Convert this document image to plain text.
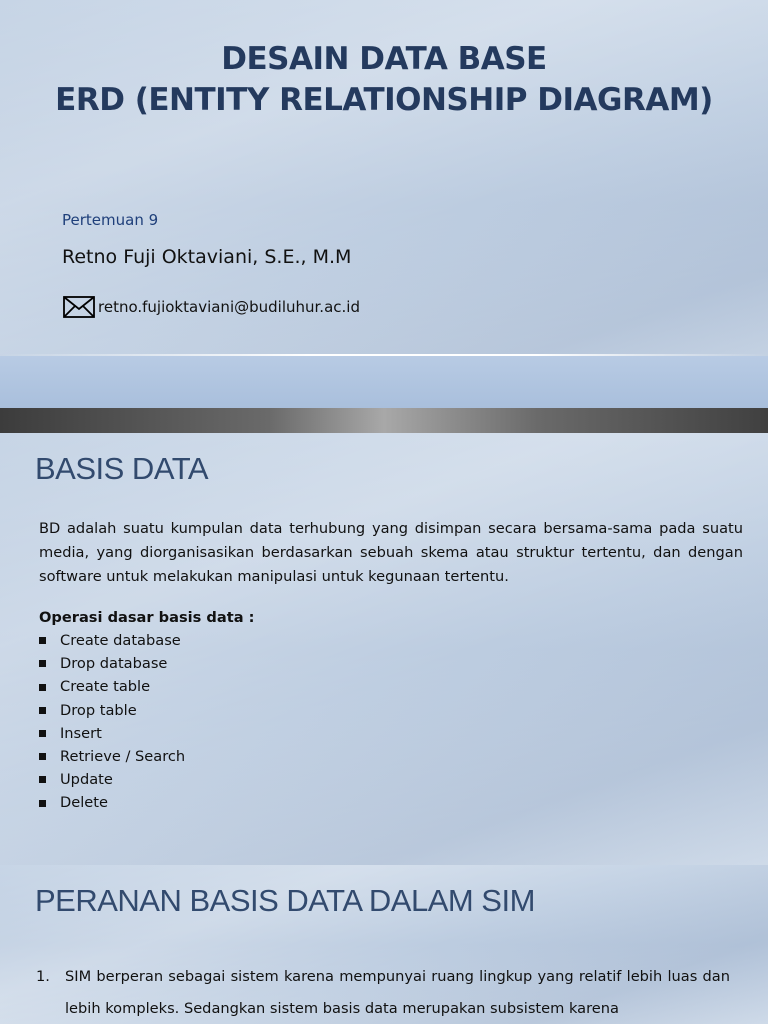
DESAIN DATA BASE
ERD (ENTITY RELATIONSHIP DIAGRAM)
Pertemuan 9
Retno Fuji Oktaviani, S.E., M.M
retno.fujioktaviani@budiluhur.ac.id
BASIS DATA
BD adalah suatu kumpulan data terhubung yang disimpan secara bersama-sama pada suatu media, yang diorganisasikan berdasarkan sebuah skema atau struktur tertentu, dan dengan software untuk melakukan manipulasi untuk kegunaan tertentu.
Operasi dasar basis data :
Create database
Drop database
Create table
Drop table
Insert
Retrieve / Search
Update
Delete
PERANAN BASIS DATA DALAM SIM
1. SIM berperan sebagai sistem karena mempunyai ruang lingkup yang relatif lebih luas dan lebih kompleks. Sedangkan sistem basis data merupakan subsistem karena
